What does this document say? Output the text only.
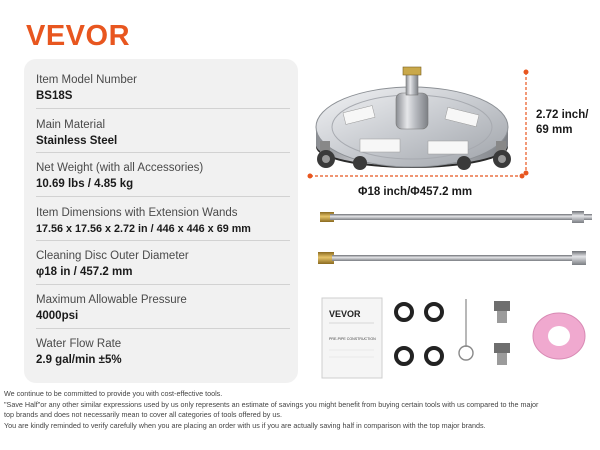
VEVOR
Item Model Number
BS18S
Main Material
Stainless Steel
Net Weight (with all Accessories)
10.69 lbs / 4.85 kg
Item Dimensions with Extension Wands
17.56 x 17.56 x 2.72 in / 446 x 446 x 69 mm
Cleaning Disc Outer Diameter
φ18 in / 457.2 mm
Maximum Allowable Pressure
4000psi
Water Flow Rate
2.9 gal/min ±5%
VEVOR
PRE-PIPE CONSTRUCTION
2.72 inch/
69 mm
Φ18 inch/Φ457.2 mm
We continue to be committed to provide you with cost-effective tools.
"Save Half"or any other similar expressions used by us only represents an estimate of savings you might benefit from buying certain tools with us compared to the major
top brands and does not necessarily mean to cover all categories of tools offered by us.
You are kindly reminded to verify carefully when you are placing an order with us if you are actually saving half in comparison with the top major brands.
